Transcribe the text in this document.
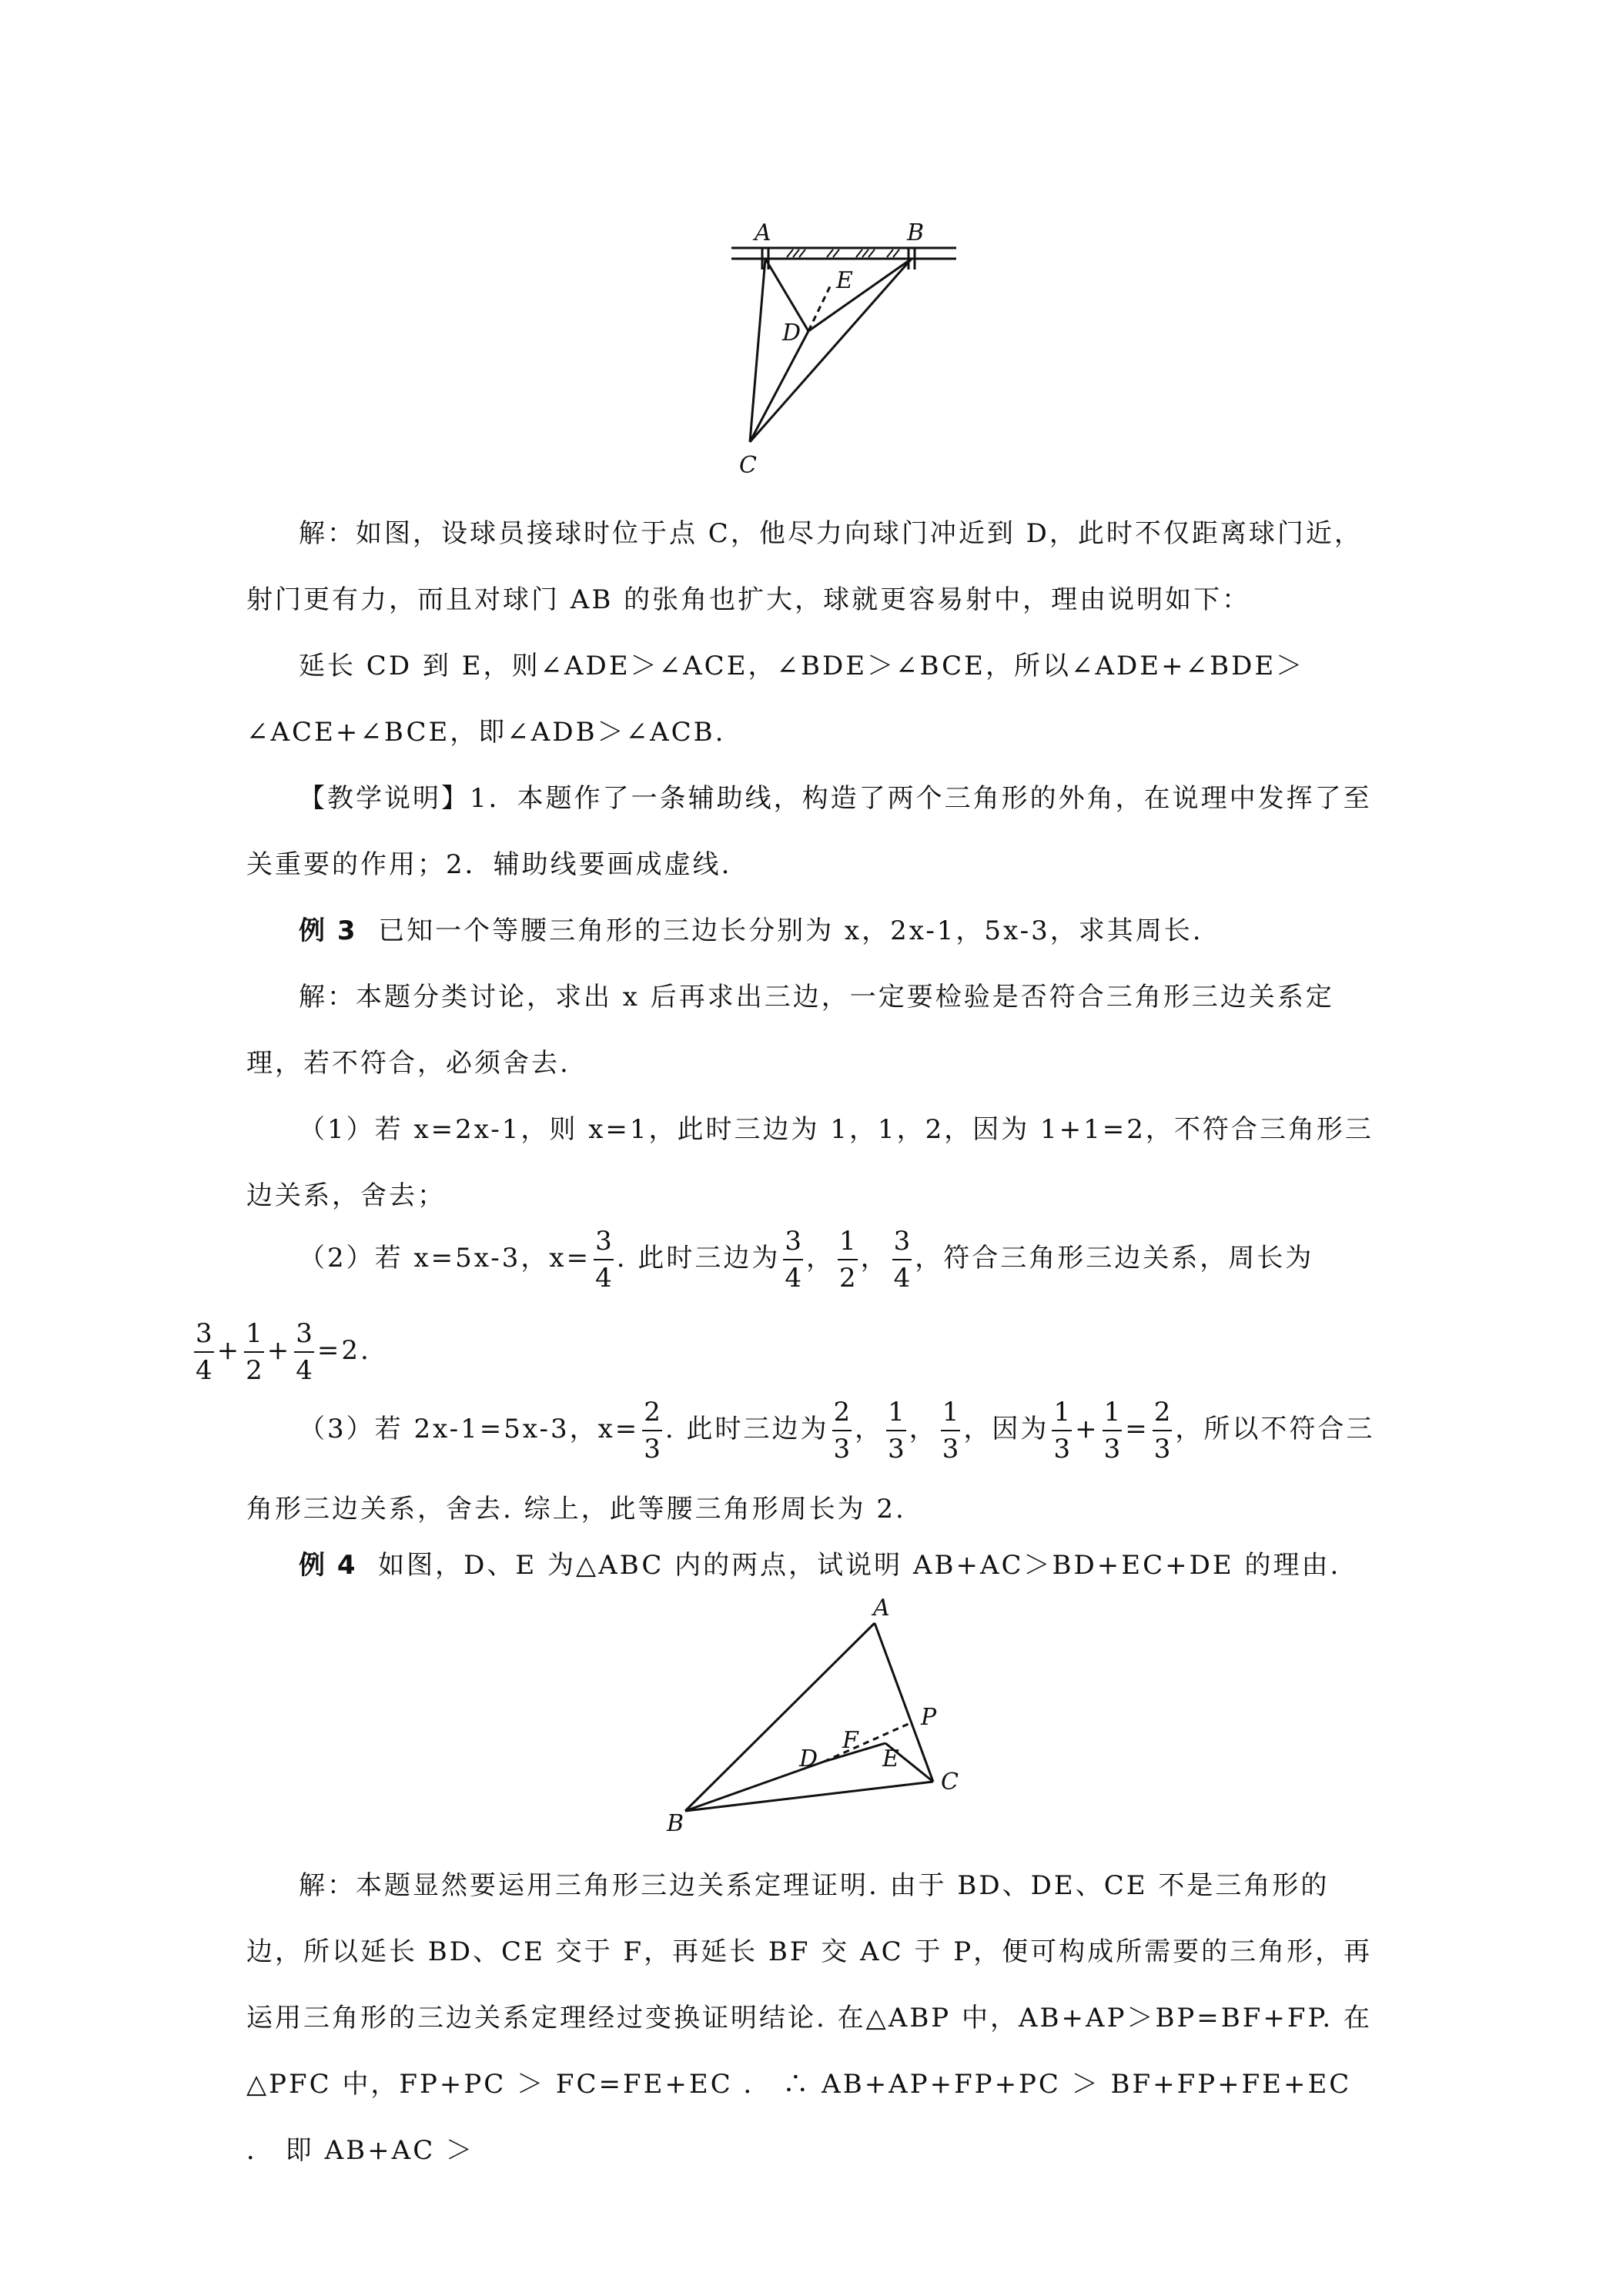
A	B
E
D
C

解：如图，设球员接球时位于点 C，他尽力向球门冲近到 D，此时不仅距离球门近，射门更有力，而且对球门 AB 的张角也扩大，球就更容易射中，理由说明如下：

延长 CD 到 E，则∠ADE＞∠ACE，∠BDE＞∠BCE，所以∠ADE+∠BDE＞∠ACE+∠BCE，即∠ADB＞∠ACB.

【教学说明】1．本题作了一条辅助线，构造了两个三角形的外角，在说理中发挥了至关重要的作用；2．辅助线要画成虚线.

例 3 已知一个等腰三角形的三边长分别为 x，2x-1，5x-3，求其周长.

解：本题分类讨论，求出 x 后再求出三边，一定要检验是否符合三角形三边关系定理，若不符合，必须舍去.

（1）若 x=2x-1，则 x=1，此时三边为 1，1，2，因为 1+1=2，不符合三角形三边关系，舍去；

（2）若 x=5x-3，$x= \frac{3}{4}$ . 此时三边为 $\frac{3}{4}$ ， $\frac{1}{2}$ ， $\frac{3}{4}$ ，符合三角形三边关系，周长为

$\frac{3}{4} + \frac{1}{2} + \frac{3}{4} =2$.

（3）若 2x-1=5x-3，$x= \frac{2}{3}$ . 此时三边为 $\frac{2}{3}$ ， $\frac{1}{3}$ ， $\frac{1}{3}$ ，因为 $\frac{1}{3} + \frac{1}{3} = \frac{2}{3}$ ，所以不符合三角形三边关系，舍去. 综上，此等腰三角形周长为 2.

例 4 如图，D、E 为△ABC 内的两点，试说明 AB+AC＞BD+EC+DE 的理由.

A
P
F
D	E
C
B

解：本题显然要运用三角形三边关系定理证明. 由于 BD、DE、CE 不是三角形的边，所以延长 BD、CE 交于 F，再延长 BF 交 AC 于 P，便可构成所需要的三角形，再运用三角形的三边关系定理经过变换证明结论. 在△ABP 中，AB+AP＞BP=BF+FP. 在△PFC 中，FP+PC ＞ FC=FE+EC ． ∴ AB+AP+FP+PC ＞ BF+FP+FE+EC ． 即 AB+AC ＞
